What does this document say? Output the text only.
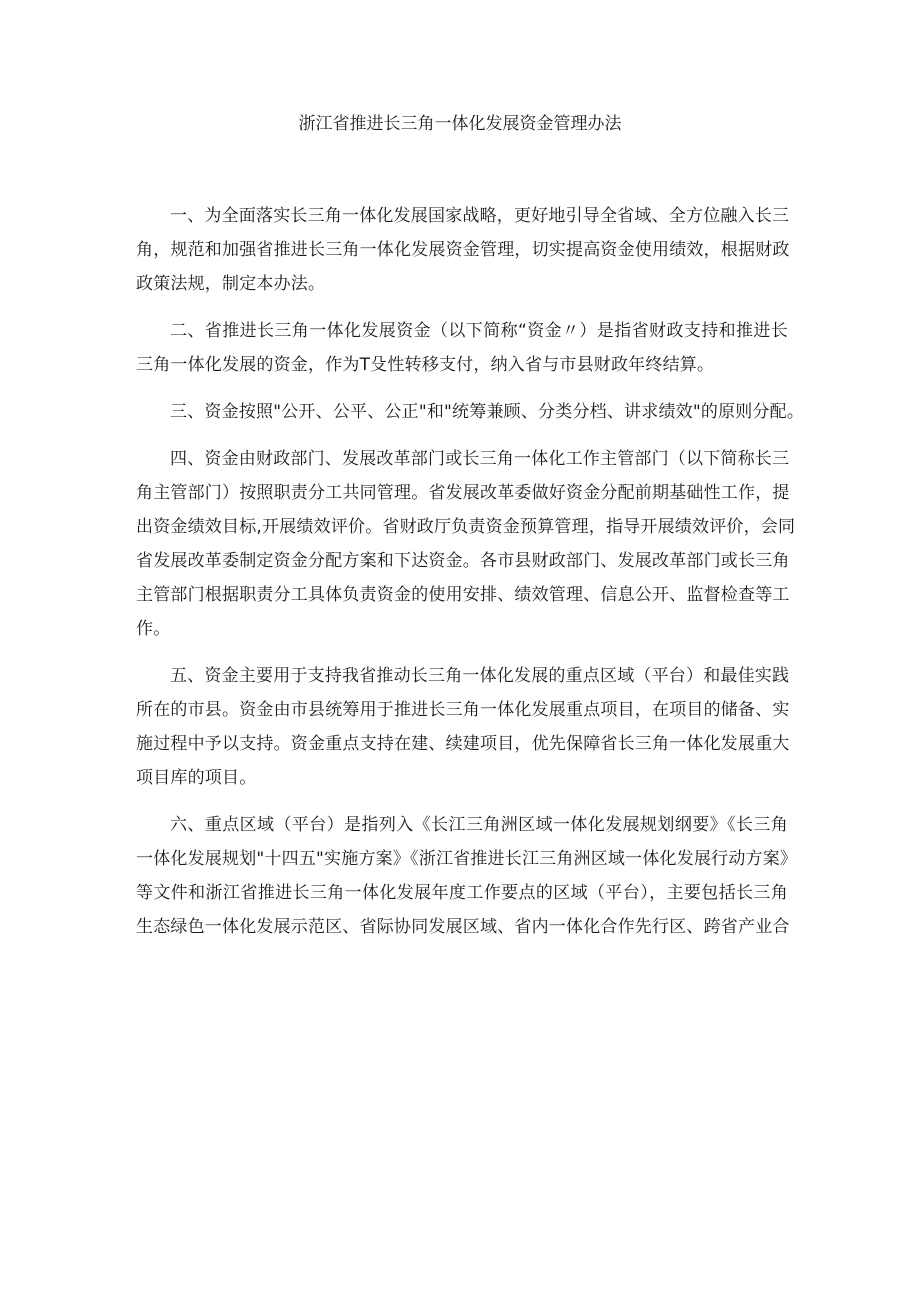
浙江省推进长三角一体化发展资金管理办法

一、为全面落实长三角一体化发展国家战略，更好地引导全省域、全方位融入长三
角，规范和加强省推进长三角一体化发展资金管理，切实提高资金使用绩效，根据财政
政策法规，制定本办法。

二、省推进长三角一体化发展资金（以下简称“资金〃）是指省财政支持和推进长
三角一体化发展的资金，作为T殳性转移支付，纳入省与市县财政年终结算。

三、资金按照"公开、公平、公正"和"统筹兼顾、分类分档、讲求绩效"的原则分配。

四、资金由财政部门、发展改革部门或长三角一体化工作主管部门（以下简称长三
角主管部门）按照职责分工共同管理。省发展改革委做好资金分配前期基础性工作，提
出资金绩效目标,开展绩效评价。省财政厅负责资金预算管理，指导开展绩效评价，会同
省发展改革委制定资金分配方案和下达资金。各市县财政部门、发展改革部门或长三角
主管部门根据职责分工具体负责资金的使用安排、绩效管理、信息公开、监督检查等工
作。

五、资金主要用于支持我省推动长三角一体化发展的重点区域（平台）和最佳实践
所在的市县。资金由市县统筹用于推进长三角一体化发展重点项目，在项目的储备、实
施过程中予以支持。资金重点支持在建、续建项目，优先保障省长三角一体化发展重大
项目库的项目。

六、重点区域（平台）是指列入《长江三角洲区域一体化发展规划纲要》《长三角
一体化发展规划"十四五"实施方案》《浙江省推进长江三角洲区域一体化发展行动方案》
等文件和浙江省推进长三角一体化发展年度工作要点的区域（平台），主要包括长三角
生态绿色一体化发展示范区、省际协同发展区域、省内一体化合作先行区、跨省产业合
